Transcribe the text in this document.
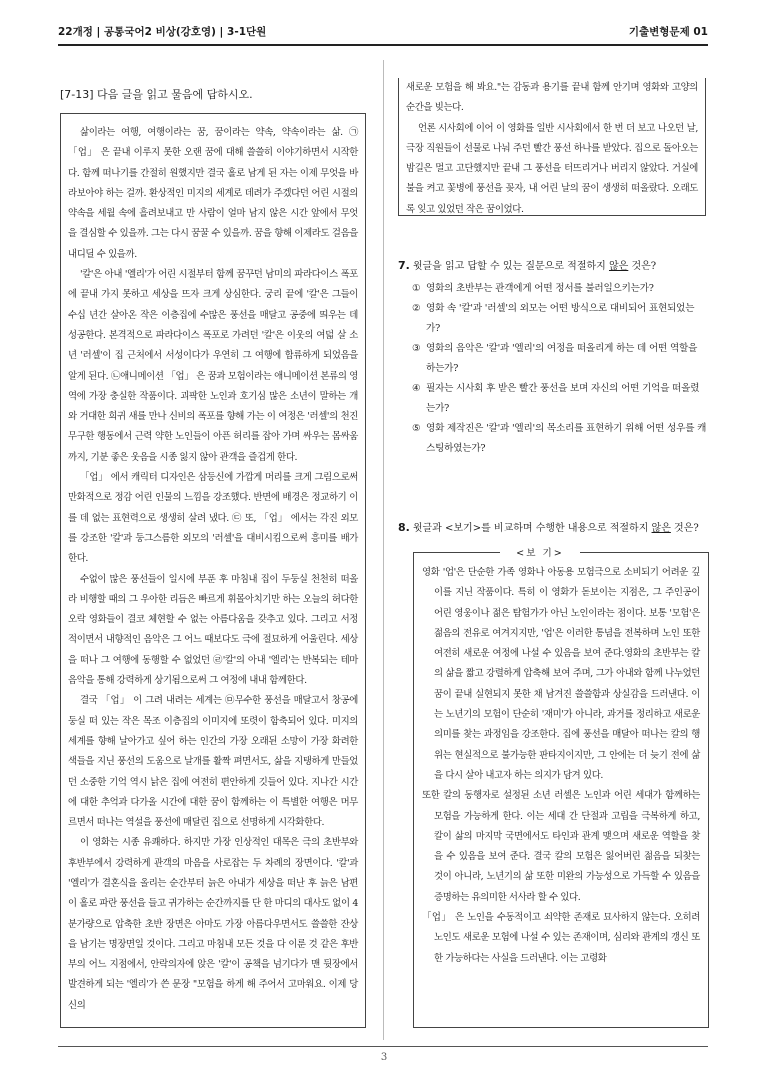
22개정 | 공통국어2 비상(강호영) | 3-1단원	기출변형문제 01
[7-13] 다음 글을 읽고 물음에 답하시오.

삶이라는 여행, 여행이라는 꿈, 꿈이라는 약속, 약속이라는 삶. ㉠ 「업」 은 끝내 이루지 못한 오랜 꿈에 대해 쓸쓸히 이야기하면서 시작한다. 함께 떠나기를 간절히 원했지만 결국 홀로 남게 된 자는 이제 무엇을 바라보아야 하는 걸까. 환상적인 미지의 세계로 데려가 주겠다던 어린 시절의 약속을 세월 속에 흘려보내고 만 사람이 얼마 남지 않은 시간 앞에서 무엇을 결심할 수 있을까. 그는 다시 꿈꿀 수 있을까. 꿈을 향해 이제라도 걸음을 내디딜 수 있을까.

'칼'은 아내 '엘리'가 어린 시절부터 함께 꿈꾸던 남미의 파라다이스 폭포에 끝내 가지 못하고 세상을 뜨자 크게 상심한다. 궁리 끝에 '칼'은 그들이 수십 년간 살아온 작은 이층집에 수많은 풍선을 매달고 공중에 띄우는 데 성공한다. 본격적으로 파라다이스 폭포로 가려던 '칼'은 이웃의 여덟 살 소년 '러셀'이 집 근처에서 서성이다가 우연히 그 여행에 합류하게 되었음을 알게 된다. ㉡애니메이션 「업」 은 꿈과 모험이라는 애니메이션 본류의 영역에 가장 충실한 작품이다. 괴팍한 노인과 호기심 많은 소년이 말하는 개와 거대한 희귀 새를 만나 신비의 폭포를 향해 가는 이 여정은 '러셀'의 천진무구한 행동에서 근력 약한 노인들이 아픈 허리를 잡아 가며 싸우는 몸싸움까지, 기분 좋은 웃음을 시종 잃지 않아 관객을 즐겁게 한다.

「업」 에서 캐릭터 디자인은 삼등신에 가깝게 머리를 크게 그림으로써 만화적으로 정감 어린 인물의 느낌을 강조했다. 반면에 배경은 정교하기 이를 데 없는 표현력으로 생생히 살려 냈다. ㉢ 또, 「업」 에서는 각진 외모를 강조한 '칼'과 둥그스름한 외모의 '러셀'을 대비시킴으로써 흥미를 배가한다.

수없이 많은 풍선들이 일시에 부푼 후 마침내 집이 두둥실 천천히 떠올라 비행할 때의 그 우아한 리듬은 빠르게 휘몰아치기만 하는 오늘의 허다한 오락 영화들이 결코 체현할 수 없는 아름다움을 갖추고 있다. 그리고 서정적이면서 내향적인 음악은 그 어느 때보다도 극에 절묘하게 어울린다. 세상을 떠나 그 여행에 동행할 수 없었던 ㉣'칼'의 아내 '엘리'는 반복되는 테마 음악을 통해 강력하게 상기됨으로써 그 여정에 내내 함께한다.

결국 「업」 이 그려 내려는 세계는 ㉤무수한 풍선을 매달고서 창공에 둥실 떠 있는 작은 목조 이층집의 이미지에 또렷이 함축되어 있다. 미지의 세계를 향해 날아가고 싶어 하는 인간의 가장 오래된 소망이 가장 화려한 색들을 지닌 풍선의 도움으로 날개를 활짝 펴면서도, 삶을 지탱하게 만들었던 소중한 기억 역시 낡은 집에 여전히 편안하게 깃들어 있다. 지나간 시간에 대한 추억과 다가올 시간에 대한 꿈이 함께하는 이 특별한 여행은 머무르면서 떠나는 역설을 풍선에 매달린 집으로 선명하게 시각화한다.

이 영화는 시종 유쾌하다. 하지만 가장 인상적인 대목은 극의 초반부와 후반부에서 강력하게 관객의 마음을 사로잡는 두 차례의 장면이다. '칼'과 '엘리'가 결혼식을 올리는 순간부터 늙은 아내가 세상을 떠난 후 늙은 남편이 홀로 파란 풍선을 들고 귀가하는 순간까지를 단 한 마디의 대사도 없이 4분가량으로 압축한 초반 장면은 아마도 가장 아름다우면서도 쓸쓸한 잔상을 남기는 명장면일 것이다. 그리고 마침내 모든 것을 다 이룬 것 같은 후반부의 어느 지점에서, 안락의자에 앉은 '칼'이 공책을 넘기다가 맨 뒷장에서 발견하게 되는 '엘리'가 쓴 문장 "모험을 하게 해 주어서 고마워요. 이제 당신의

새로운 모험을 해 봐요."는 감동과 용기를 끝내 함께 안기며 영화와 고양의 순간을 빚는다.

언론 시사회에 이어 이 영화를 일반 시사회에서 한 번 더 보고 나오던 날, 극장 직원들이 선물로 나눠 주던 빨간 풍선 하나를 받았다. 집으로 돌아오는 밤길은 멀고 고단했지만 끝내 그 풍선을 터뜨리거나 버리지 않았다. 거실에 불을 켜고 꽃병에 풍선을 꽂자, 내 어린 날의 꿈이 생생히 떠올랐다. 오래도록 잊고 있었던 작은 꿈이었다.

7. 윗글을 읽고 답할 수 있는 질문으로 적절하지 않은 것은?
① 영화의 초반부는 관객에게 어떤 정서를 불러일으키는가?
② 영화 속 '칼'과 '러셀'의 외모는 어떤 방식으로 대비되어 표현되었는가?
③ 영화의 음악은 '칼'과 '엘리'의 여정을 떠올리게 하는 데 어떤 역할을 하는가?
④ 필자는 시사회 후 받은 빨간 풍선을 보며 자신의 어떤 기억을 떠올렸는가?
⑤ 영화 제작진은 '칼'과 '엘리'의 목소리를 표현하기 위해 어떤 성우를 캐스팅하였는가?
8. 윗글과 <보기>를 비교하며 수행한 내용으로 적절하지 않은 것은?

영화 '업'은 단순한 가족 영화나 아동용 모험극으로 소비되기 어려운 깊이를 지닌 작품이다. 특히 이 영화가 돋보이는 지점은, 그 주인공이 어린 영웅이나 젊은 탐험가가 아닌 노인이라는 점이다. 보통 '모험'은 젊음의 전유로 여겨지지만, '업'은 이러한 통념을 전복하며 노인 또한 여전히 새로운 여정에 나설 수 있음을 보여 준다.영화의 초반부는 칼의 삶을 짧고 강렬하게 압축해 보여 주며, 그가 아내와 함께 나누었던 꿈이 끝내 실현되지 못한 채 남겨진 쓸쓸함과 상실감을 드러낸다. 이는 노년기의 모험이 단순히 '재미'가 아니라, 과거를 정리하고 새로운 의미를 찾는 과정임을 강조한다. 집에 풍선을 매달아 떠나는 칼의 행위는 현실적으로 불가능한 판타지이지만, 그 안에는 더 늦기 전에 삶을 다시 살아 내고자 하는 의지가 담겨 있다.

또한 칼의 동행자로 설정된 소년 러셀은 노인과 어린 세대가 함께하는 모험을 가능하게 한다. 이는 세대 간 단절과 고립을 극복하게 하고, 칼이 삶의 마지막 국면에서도 타인과 관계 맺으며 새로운 역할을 찾을 수 있음을 보여 준다. 결국 칼의 모험은 잃어버린 젊음을 되찾는 것이 아니라, 노년기의 삶 또한 미완의 가능성으로 가득할 수 있음을 증명하는 유의미한 서사라 할 수 있다.

「업」 은 노인을 수동적이고 쇠약한 존재로 묘사하지 않는다. 오히려 노인도 새로운 모험에 나설 수 있는 존재이며, 심리와 관계의 갱신 또한 가능하다는 사실을 드러낸다. 이는 고령화

<보 기>
3
